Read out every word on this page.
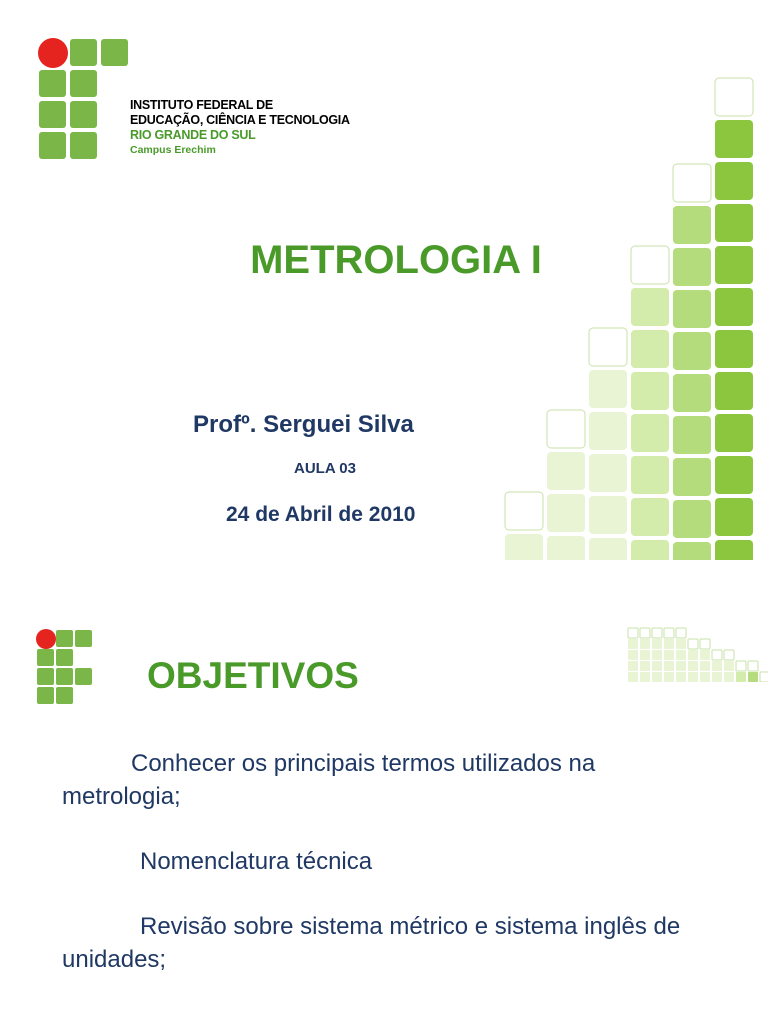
INSTITUTO FEDERAL DE
EDUCAÇÃO, CIÊNCIA E TECNOLOGIA
RIO GRANDE DO SUL
Campus Erechim
METROLOGIA I
Profº. Serguei Silva
AULA 03
24 de Abril de 2010
OBJETIVOS
Conhecer os principais termos utilizados na metrologia;
Nomenclatura técnica
Revisão sobre sistema métrico e sistema inglês de unidades;
